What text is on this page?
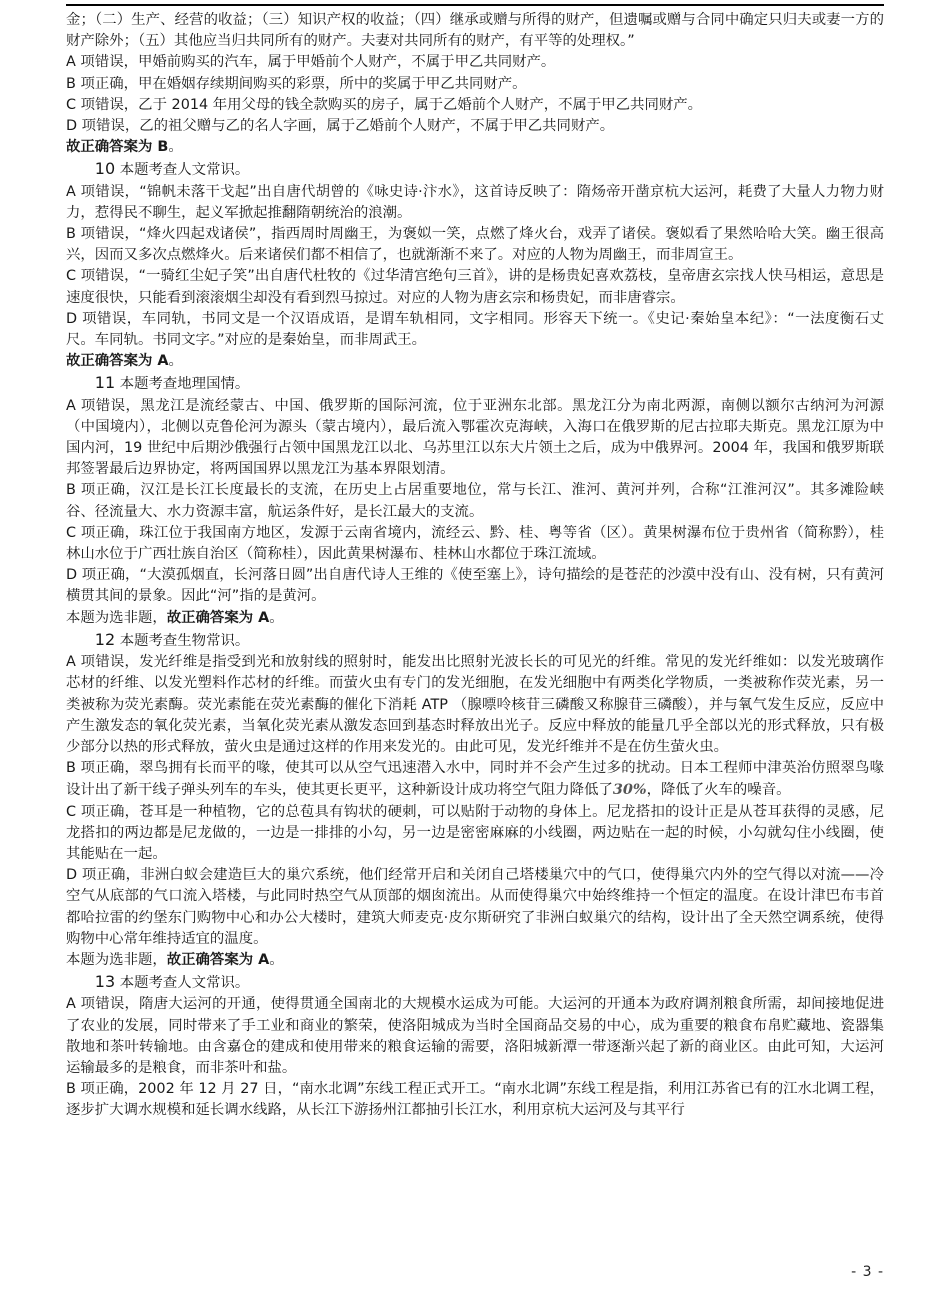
金；（二）生产、经营的收益；（三）知识产权的收益；（四）继承或赠与所得的财产，但遗嘱或赠与合同中确定只归夫或妻一方的财产除外；（五）其他应当归共同所有的财产。夫妻对共同所有的财产，有平等的处理权。”

A 项错误，甲婚前购买的汽车，属于甲婚前个人财产，不属于甲乙共同财产。

B 项正确，甲在婚姻存续期间购买的彩票，所中的奖属于甲乙共同财产。

C 项错误，乙于 2014 年用父母的钱全款购买的房子，属于乙婚前个人财产，不属于甲乙共同财产。

D 项错误，乙的祖父赠与乙的名人字画，属于乙婚前个人财产，不属于甲乙共同财产。

故正确答案为 B。

10 本题考查人文常识。

A 项错误，“锦帆未落干戈起”出自唐代胡曾的《咏史诗·汴水》，这首诗反映了：隋炀帝开凿京杭大运河，耗费了大量人力物力财力，惹得民不聊生，起义军掀起推翻隋朝统治的浪潮。

B 项错误，“烽火四起戏诸侯”，指西周时周幽王，为褒姒一笑，点燃了烽火台，戏弄了诸侯。褒姒看了果然哈哈大笑。幽王很高兴，因而又多次点燃烽火。后来诸侯们都不相信了，也就渐渐不来了。对应的人物为周幽王，而非周宣王。

C 项错误，“一骑红尘妃子笑”出自唐代杜牧的《过华清宫绝句三首》，讲的是杨贵妃喜欢荔枝，皇帝唐玄宗找人快马相运，意思是速度很快，只能看到滚滚烟尘却没有看到烈马掠过。对应的人物为唐玄宗和杨贵妃，而非唐睿宗。

D 项错误，车同轨，书同文是一个汉语成语，是谓车轨相同，文字相同。形容天下统一。《史记·秦始皇本纪》：“一法度衡石丈尺。车同轨。书同文字。”对应的是秦始皇，而非周武王。

故正确答案为 A。

11 本题考查地理国情。

A 项错误，黑龙江是流经蒙古、中国、俄罗斯的国际河流，位于亚洲东北部。黑龙江分为南北两源，南侧以额尔古纳河为河源（中国境内），北侧以克鲁伦河为源头（蒙古境内），最后流入鄂霍次克海峡，入海口在俄罗斯的尼古拉耶夫斯克。黑龙江原为中国内河，19 世纪中后期沙俄强行占领中国黑龙江以北、乌苏里江以东大片领土之后，成为中俄界河。2004 年，我国和俄罗斯联邦签署最后边界协定，将两国国界以黑龙江为基本界限划清。

B 项正确，汉江是长江长度最长的支流，在历史上占居重要地位，常与长江、淮河、黄河并列，合称“江淮河汉”。其多滩险峡谷、径流量大、水力资源丰富，航运条件好，是长江最大的支流。

C 项正确，珠江位于我国南方地区，发源于云南省境内，流经云、黔、桂、粤等省（区）。黄果树瀑布位于贵州省（简称黔），桂林山水位于广西壮族自治区（简称桂），因此黄果树瀑布、桂林山水都位于珠江流域。

D 项正确，“大漠孤烟直，长河落日圆”出自唐代诗人王维的《使至塞上》，诗句描绘的是苍茫的沙漠中没有山、没有树，只有黄河横贯其间的景象。因此“河”指的是黄河。

本题为选非题，故正确答案为 A。

12 本题考查生物常识。

A 项错误，发光纤维是指受到光和放射线的照射时，能发出比照射光波长长的可见光的纤维。常见的发光纤维如：以发光玻璃作芯材的纤维、以发光塑料作芯材的纤维。而萤火虫有专门的发光细胞，在发光细胞中有两类化学物质，一类被称作荧光素，另一类被称为荧光素酶。荧光素能在荧光素酶的催化下消耗 ATP （腺嘌呤核苷三磷酸又称腺苷三磷酸），并与氧气发生反应，反应中产生激发态的氧化荧光素，当氧化荧光素从激发态回到基态时释放出光子。反应中释放的能量几乎全部以光的形式释放，只有极少部分以热的形式释放，萤火虫是通过这样的作用来发光的。由此可见，发光纤维并不是在仿生萤火虫。

B 项正确，翠鸟拥有长而平的喙，使其可以从空气迅速潜入水中，同时并不会产生过多的扰动。日本工程师中津英治仿照翠鸟喙设计出了新干线子弹头列车的车头，使其更长更平，这种新设计成功将空气阻力降低了30%，降低了火车的噪音。

C 项正确，苍耳是一种植物，它的总苞具有钩状的硬刺，可以贴附于动物的身体上。尼龙搭扣的设计正是从苍耳获得的灵感，尼龙搭扣的两边都是尼龙做的，一边是一排排的小勾，另一边是密密麻麻的小线圈，两边贴在一起的时候，小勾就勾住小线圈，使其能贴在一起。

D 项正确，非洲白蚁会建造巨大的巢穴系统，他们经常开启和关闭自己塔楼巢穴中的气口，使得巢穴内外的空气得以对流——冷空气从底部的气口流入塔楼，与此同时热空气从顶部的烟囱流出。从而使得巢穴中始终维持一个恒定的温度。在设计津巴布韦首都哈拉雷的约堡东门购物中心和办公大楼时，建筑大师麦克·皮尔斯研究了非洲白蚁巢穴的结构，设计出了全天然空调系统，使得购物中心常年维持适宜的温度。

本题为选非题，故正确答案为 A。

13 本题考查人文常识。

A 项错误，隋唐大运河的开通，使得贯通全国南北的大规模水运成为可能。大运河的开通本为政府调剂粮食所需，却间接地促进了农业的发展，同时带来了手工业和商业的繁荣，使洛阳城成为当时全国商品交易的中心，成为重要的粮食布帛贮藏地、瓷器集散地和茶叶转输地。由含嘉仓的建成和使用带来的粮食运输的需要，洛阳城新潭一带逐渐兴起了新的商业区。由此可知，大运河运输最多的是粮食，而非茶叶和盐。

B 项正确，2002 年 12 月 27 日，“南水北调”东线工程正式开工。“南水北调”东线工程是指，利用江苏省已有的江水北调工程，逐步扩大调水规模和延长调水线路，从长江下游扬州江都抽引长江水，利用京杭大运河及与其平行

- 3 -
